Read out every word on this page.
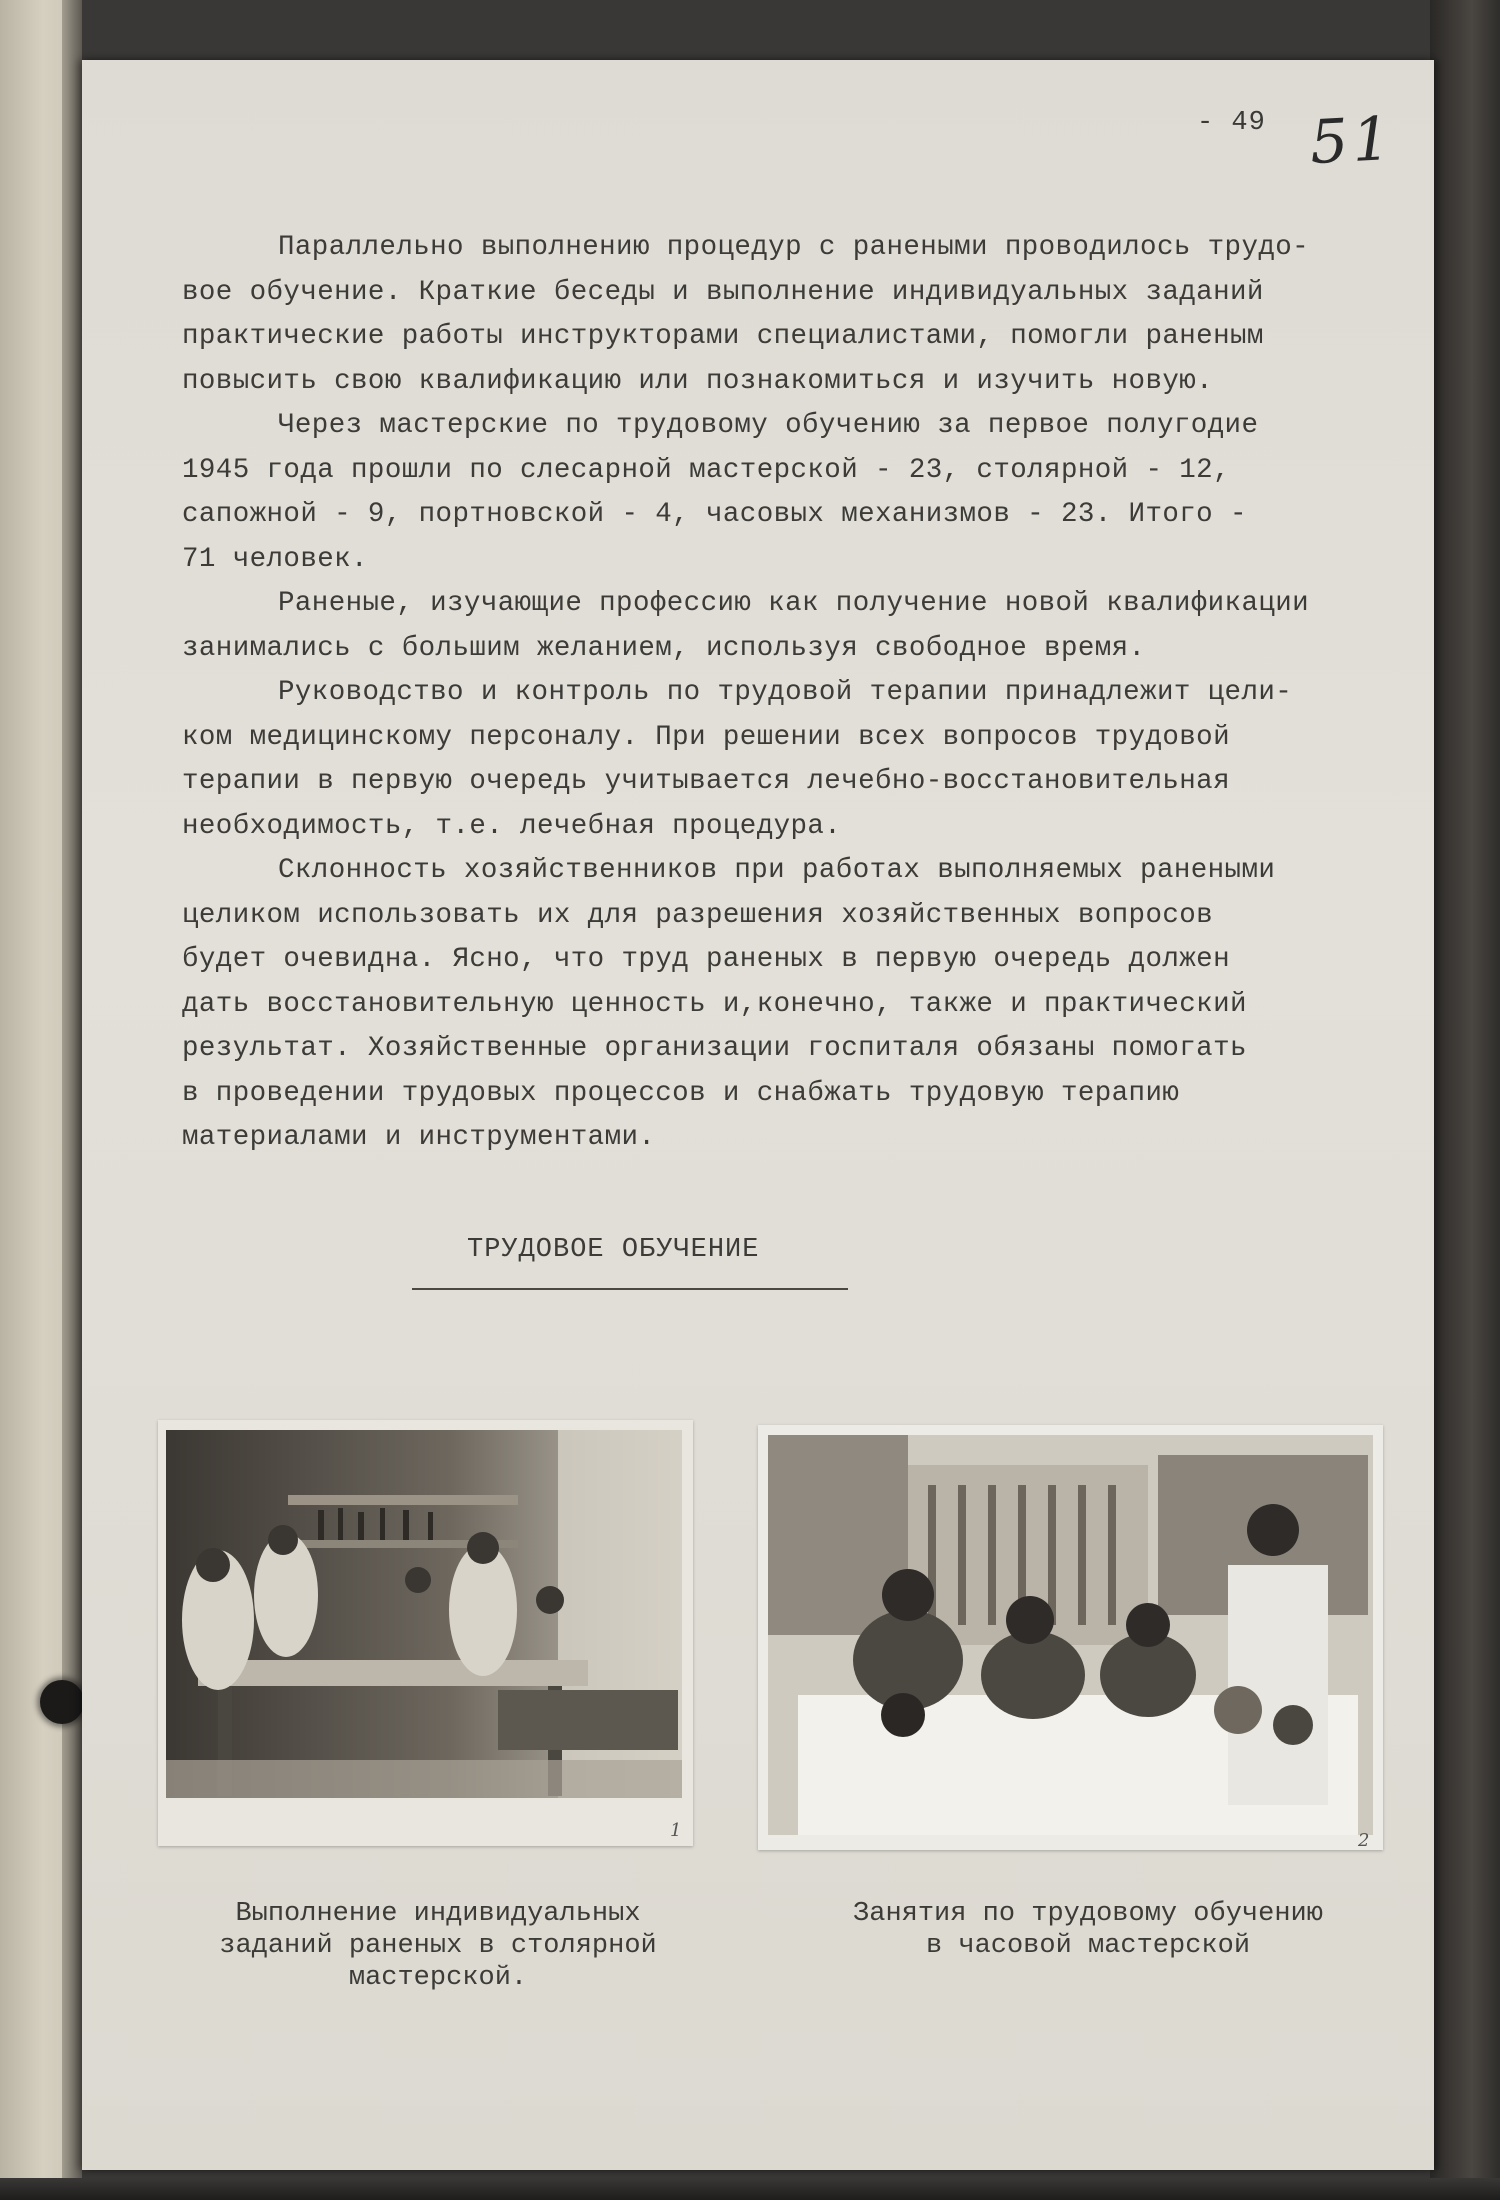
- 49 51
Параллельно выполнению процедур с ранеными проводилось трудо-
вое обучение. Краткие беседы и выполнение индивидуальных заданий
практические работы инструкторами специалистами, помогли раненым
повысить свою квалификацию или познакомиться и изучить новую.
Через мастерские по трудовому обучению за первое полугодие
1945 года прошли по слесарной мастерской - 23, столярной - 12,
сапожной - 9, портновской - 4, часовых механизмов - 23. Итого -
71 человек.
Раненые, изучающие профессию как получение новой квалификации
занимались с большим желанием, используя свободное время.
Руководство и контроль по трудовой терапии принадлежит цели-
ком медицинскому персоналу. При решении всех вопросов трудовой
терапии в первую очередь учитывается лечебно-восстановительная
необходимость, т.е. лечебная процедура.
Склонность хозяйственников при работах выполняемых ранеными
целиком использовать их для разрешения хозяйственных вопросов
будет очевидна. Ясно, что труд раненых в первую очередь должен
дать восстановительную ценность и,конечно, также и практический
результат. Хозяйственные организации госпиталя обязаны помогать
в проведении трудовых процессов и снабжать трудовую терапию
материалами и инструментами.
ТРУДОВОЕ ОБУЧЕНИЕ
1	2
Выполнение индивидуальных
заданий раненых в столярной
мастерской.
Занятия по трудовому обучению
в часовой мастерской
